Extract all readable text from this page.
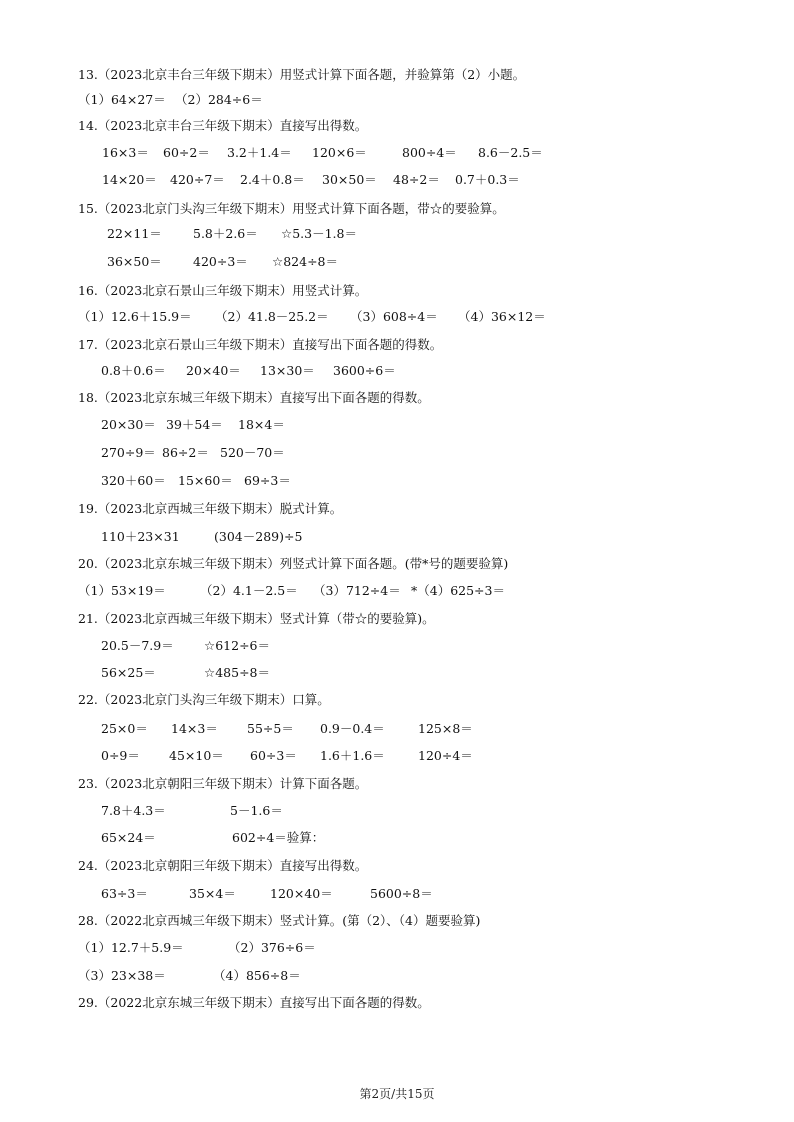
13.（2023北京丰台三年级下期末）用竖式计算下面各题，并验算第（2）小题。
（1）64×27＝ （2）284÷6＝
14.（2023北京丰台三年级下期末）直接写出得数。
16×3＝ 60÷2＝ 3.2＋1.4＝ 120×6＝	800÷4＝ 8.6－2.5＝
14×20＝ 420÷7＝ 2.4＋0.8＝ 30×50＝ 48÷2＝ 0.7＋0.3＝
15.（2023北京门头沟三年级下期末）用竖式计算下面各题，带☆的要验算。
22×11＝ 5.8＋2.6＝ ☆5.3－1.8＝
36×50＝ 420÷3＝ ☆824÷8＝
16.（2023北京石景山三年级下期末）用竖式计算。
（1）12.6＋15.9＝ （2）41.8－25.2＝ （3）608÷4＝ （4）36×12＝
17.（2023北京石景山三年级下期末）直接写出下面各题的得数。
0.8＋0.6＝ 20×40＝ 13×30＝ 3600÷6＝
18.（2023北京东城三年级下期末）直接写出下面各题的得数。
20×30＝ 39＋54＝ 18×4＝
270÷9＝ 86÷2＝ 520－70＝
320＋60＝ 15×60＝ 69÷3＝
19.（2023北京西城三年级下期末）脱式计算。
110＋23×31	(304－289)÷5
20.（2023北京东城三年级下期末）列竖式计算下面各题。(带*号的题要验算)
（1）53×19＝	（2）4.1－2.5＝ （3）712÷4＝ *（4）625÷3＝
21.（2023北京西城三年级下期末）竖式计算（带☆的要验算)。
20.5－7.9＝ ☆612÷6＝
56×25＝	☆485÷8＝
22.（2023北京门头沟三年级下期末）口算。
25×0＝ 14×3＝ 55÷5＝ 0.9－0.4＝	125×8＝
0÷9＝ 45×10＝ 60÷3＝ 1.6＋1.6＝	120÷4＝
23.（2023北京朝阳三年级下期末）计算下面各题。
7.8＋4.3＝	5－1.6＝
65×24＝	602÷4＝验算：
24.（2023北京朝阳三年级下期末）直接写出得数。
63÷3＝	35×4＝	120×40＝	5600÷8＝
28.（2022北京西城三年级下期末）竖式计算。(第（2）、（4）题要验算)
（1）12.7＋5.9＝	（2）376÷6＝
（3）23×38＝	（4）856÷8＝
29.（2022北京东城三年级下期末）直接写出下面各题的得数。
第2页/共15页
